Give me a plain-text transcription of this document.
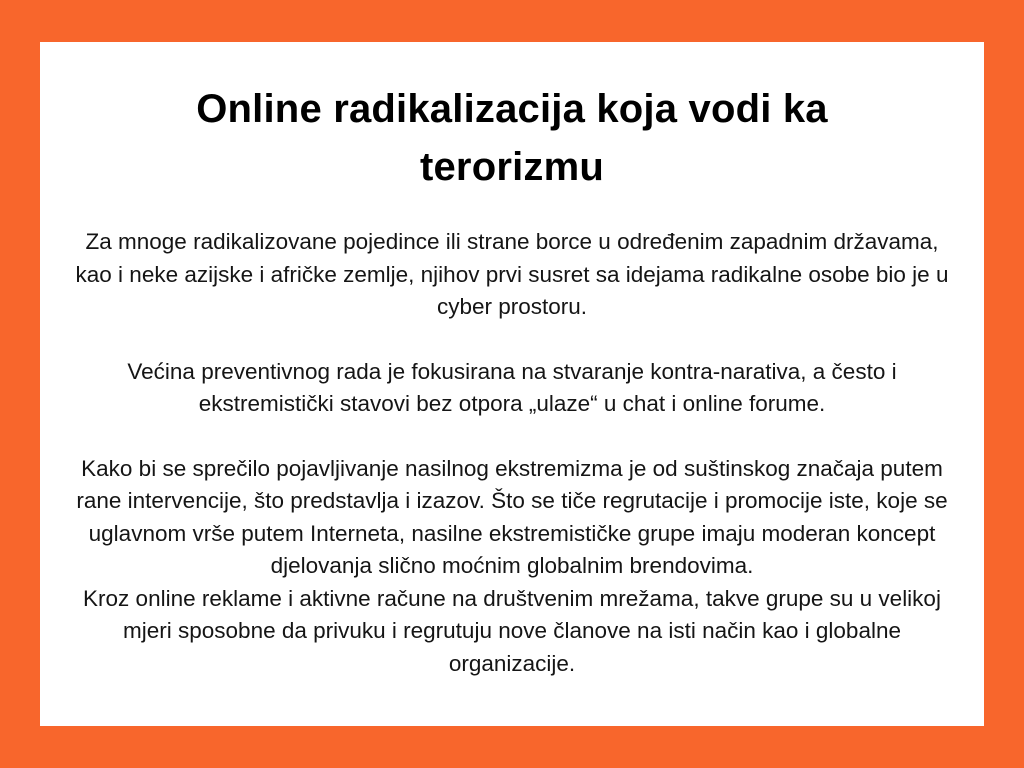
Online radikalizacija koja vodi ka terorizmu

Za mnoge radikalizovane pojedince ili strane borce u određenim zapadnim državama, kao i neke azijske i afričke zemlje, njihov prvi susret sa idejama radikalne osobe bio je u cyber prostoru.

Većina preventivnog rada je fokusirana na stvaranje kontra-narativa, a često i ekstremistički stavovi bez otpora „ulaze“ u chat i online forume.

Kako bi se sprečilo pojavljivanje nasilnog ekstremizma je od suštinskog značaja putem rane intervencije, što predstavlja i izazov. Što se tiče regrutacije i promocije iste, koje se uglavnom vrše putem Interneta, nasilne ekstremističke grupe imaju moderan koncept djelovanja slično moćnim globalnim brendovima.

Kroz online reklame i aktivne račune na društvenim mrežama, takve grupe su u velikoj mjeri sposobne da privuku i regrutuju nove članove na isti način kao i globalne organizacije.
